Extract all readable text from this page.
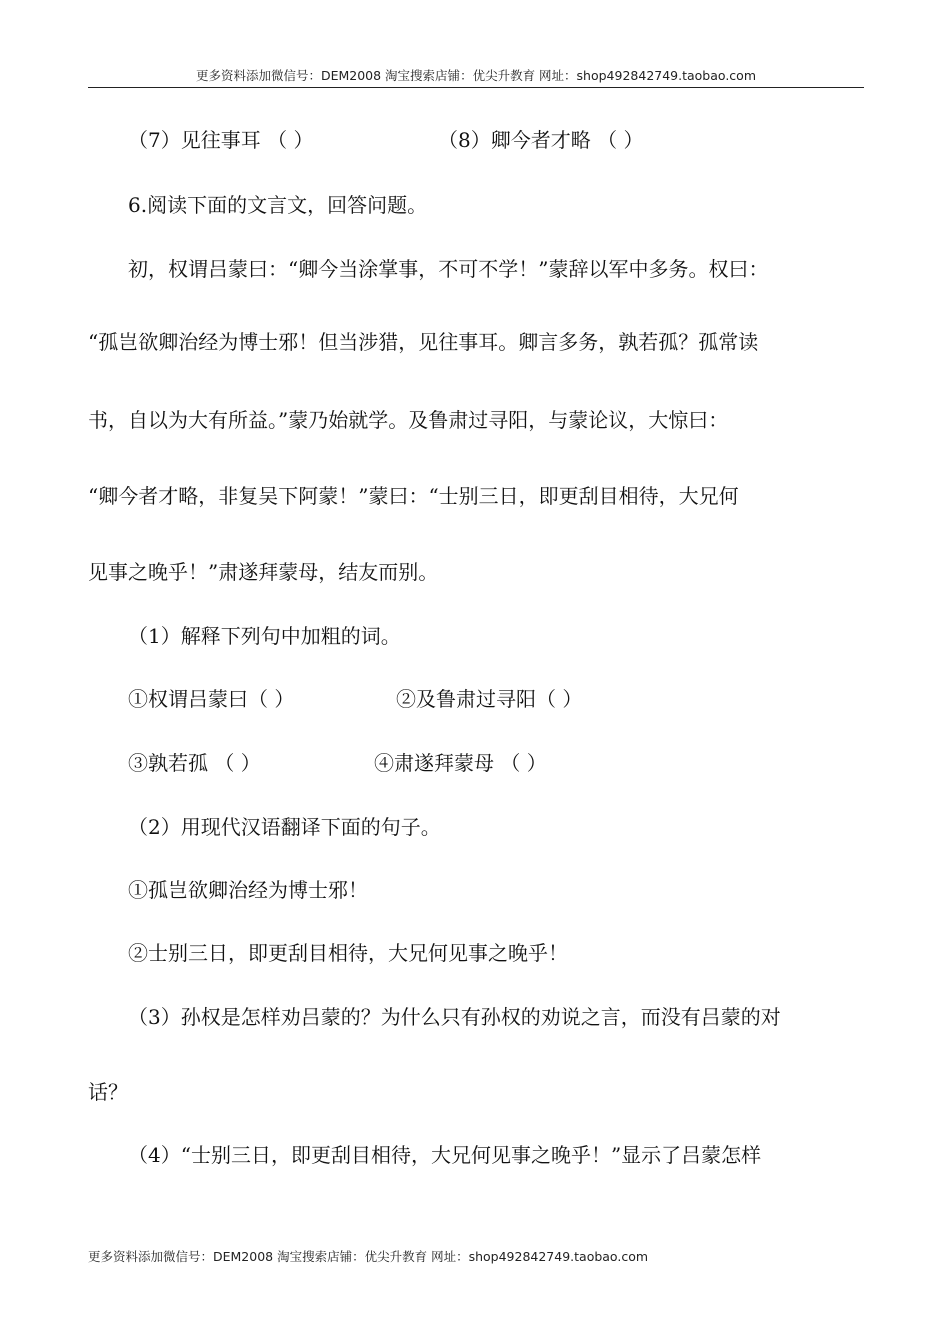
更多资料添加微信号：DEM2008 淘宝搜索店铺：优尖升教育 网址：shop492842749.taobao.com
（7）见往事耳 （ ）	（8）卿今者才略 （ ）
6.阅读下面的文言文，回答问题。
初，权谓吕蒙曰：“卿今当涂掌事，不可不学！”蒙辞以军中多务。权曰：
“孤岂欲卿治经为博士邪！但当涉猎，见往事耳。卿言多务，孰若孤？孤常读
书，自以为大有所益。”蒙乃始就学。及鲁肃过寻阳，与蒙论议，大惊曰：
“卿今者才略，非复吴下阿蒙！”蒙曰：“士别三日，即更刮目相待，大兄何
见事之晚乎！”肃遂拜蒙母，结友而别。
（1）解释下列句中加粗的词。
①权谓吕蒙曰（ ）	②及鲁肃过寻阳（ ）
③孰若孤 （ ）	④肃遂拜蒙母 （ ）
（2）用现代汉语翻译下面的句子。
①孤岂欲卿治经为博士邪！
②士别三日，即更刮目相待，大兄何见事之晚乎！
（3）孙权是怎样劝吕蒙的？为什么只有孙权的劝说之言，而没有吕蒙的对
话？
（4）“士别三日，即更刮目相待，大兄何见事之晚乎！”显示了吕蒙怎样
更多资料添加微信号：DEM2008 淘宝搜索店铺：优尖升教育 网址：shop492842749.taobao.com
